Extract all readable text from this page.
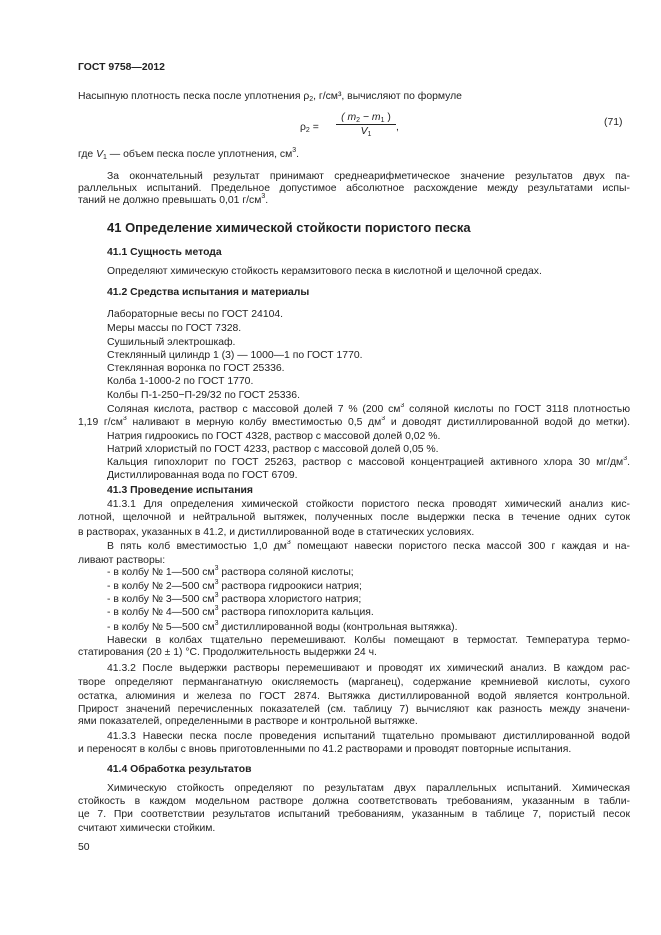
$\rho_2 = \frac{( m_2 - m_1 )}{V_1}$ ,	(71)
ГОСТ 9758—2012
Насыпную плотность песка после уплотнения $\rho_2$, г/см³, вычисляют по формуле
где $V_1$ — объем песка после уплотнения, $см^3$.
За окончательный результат принимают среднеарифметическое значение результатов двух па-
раллельных испытаний. Предельное допустимое абсолютное расхождение между результатами испы-
таний не должно превышать 0,01 $г/см^3$.
41 Определение химической стойкости пористого песка
41.1 Сущность метода
Определяют химическую стойкость керамзитового песка в кислотной и щелочной средах.
41.2 Средства испытания и материалы
Лабораторные весы по ГОСТ 24104.
Меры массы по ГОСТ 7328.
Сушильный электрошкаф.
Стеклянный цилиндр 1 (3) — 1000—1 по ГОСТ 1770.
Стеклянная воронка по ГОСТ 25336.
Колба 1-1000-2 по ГОСТ 1770.
Колбы П-1-250−П-29/32 по ГОСТ 25336.
Соляная кислота, раствор с массовой долей 7 % (200 $см^3$ соляной кислоты по ГОСТ 3118 плотностью
1,19 $г/см^3$ наливают в мерную колбу вместимостью 0,5 $дм^3$ и доводят дистиллированной водой до метки).
Натрия гидроокись по ГОСТ 4328, раствор с массовой долей 0,02 %.
Натрий хлористый по ГОСТ 4233, раствор с массовой долей 0,05 %.
Кальция гипохлорит по ГОСТ 25263, раствор с массовой концентрацией активного хлора 30 $мг/дм^3$.
Дистиллированная вода по ГОСТ 6709.
41.3 Проведение испытания
41.3.1 Для определения химической стойкости пористого песка проводят химический анализ кис-
лотной, щелочной и нейтральной вытяжек, полученных после выдержки песка в течение одних суток
в растворах, указанных в 41.2, и дистиллированной воде в статических условиях.
В пять колб вместимостью 1,0 $дм^3$ помещают навески пористого песка массой 300 г каждая и на-
ливают растворы:
- в колбу № 1—500 $см^3$ раствора соляной кислоты;
- в колбу № 2—500 $см^3$ раствора гидроокиси натрия;
- в колбу № 3—500 $см^3$ раствора хлористого натрия;
- в колбу № 4—500 $см^3$ раствора гипохлорита кальция.
- в колбу № 5—500 $см^3$ дистиллированной воды (контрольная вытяжка).
Навески в колбах тщательно перемешивают. Колбы помещают в термостат. Температура термо-
статирования (20 ± 1) °С. Продолжительность выдержки 24 ч.
41.3.2 После выдержки растворы перемешивают и проводят их химический анализ. В каждом рас-
творе определяют перманганатную окисляемость (марганец), содержание кремниевой кислоты, сухого
остатка, алюминия и железа по ГОСТ 2874. Вытяжка дистиллированной водой является контрольной.
Прирост значений перечисленных показателей (см. таблицу 7) вычисляют как разность между значени-
ями показателей, определенными в растворе и контрольной вытяжке.
41.3.3 Навески песка после проведения испытаний тщательно промывают дистиллированной водой
и переносят в колбы с вновь приготовленными по 41.2 растворами и проводят повторные испытания.
41.4 Обработка результатов
Химическую стойкость определяют по результатам двух параллельных испытаний. Химическая
стойкость в каждом модельном растворе должна соответствовать требованиям, указанным в табли-
це 7. При соответствии результатов испытаний требованиям, указанным в таблице 7, пористый песок
считают химически стойким.
50
